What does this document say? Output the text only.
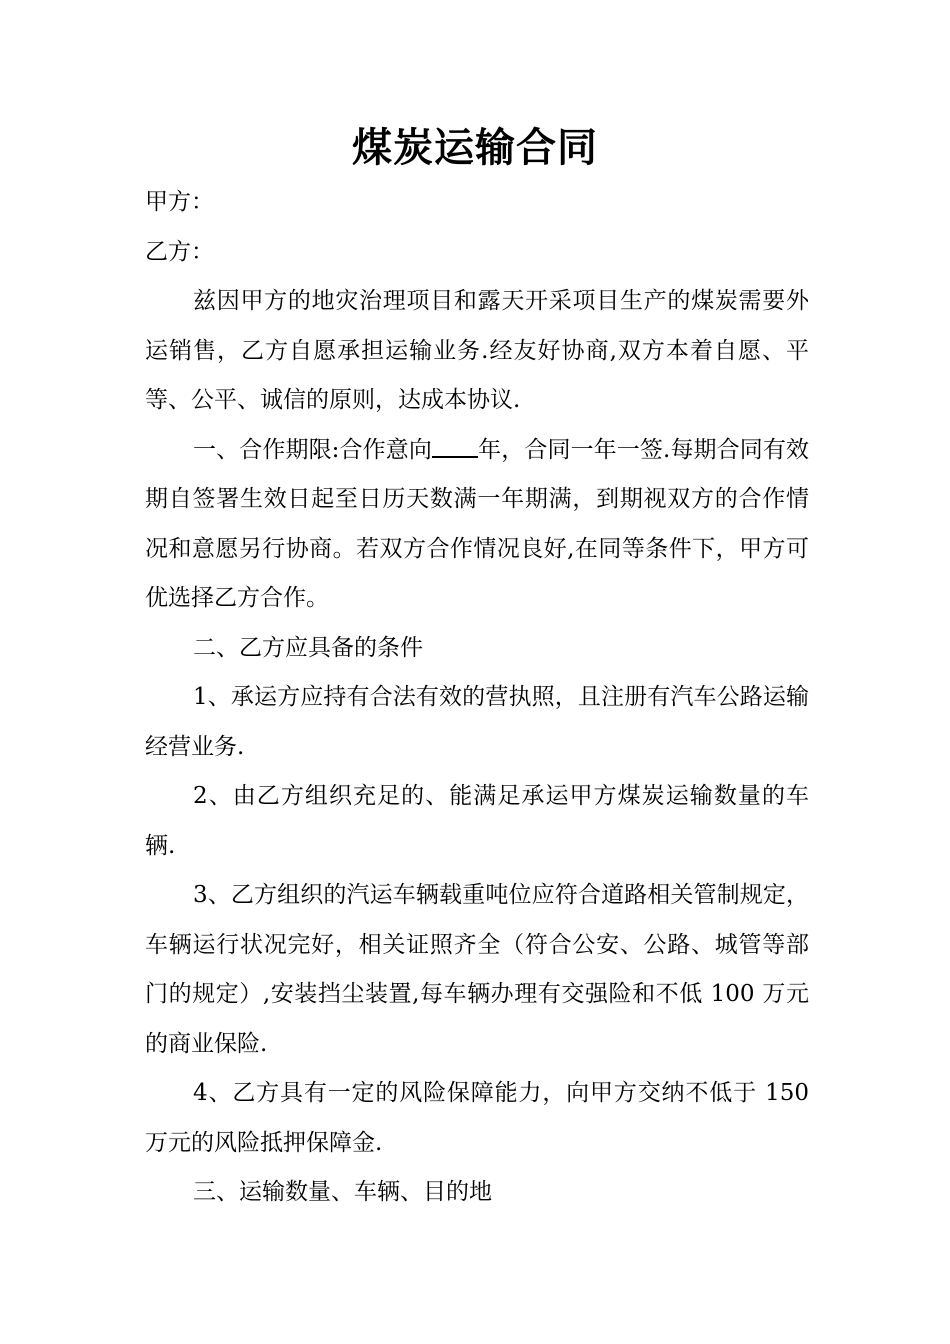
煤炭运输合同

甲方：

乙方：

兹因甲方的地灾治理项目和露天开采项目生产的煤炭需要外运销售，乙方自愿承担运输业务.经友好协商,双方本着自愿、平等、公平、诚信的原则，达成本协议.

一、合作期限:合作意向 年，合同一年一签.每期合同有效期自签署生效日起至日历天数满一年期满，到期视双方的合作情况和意愿另行协商。若双方合作情况良好,在同等条件下，甲方可优选择乙方合作。

二、乙方应具备的条件

1、承运方应持有合法有效的营执照，且注册有汽车公路运输经营业务.

2、由乙方组织充足的、能满足承运甲方煤炭运输数量的车辆.

3、乙方组织的汽运车辆载重吨位应符合道路相关管制规定，车辆运行状况完好，相关证照齐全（符合公安、公路、城管等部门的规定）,安装挡尘装置,每车辆办理有交强险和不低 100 万元的商业保险.

4、乙方具有一定的风险保障能力，向甲方交纳不低于 150 万元的风险抵押保障金.

三、运输数量、车辆、目的地
